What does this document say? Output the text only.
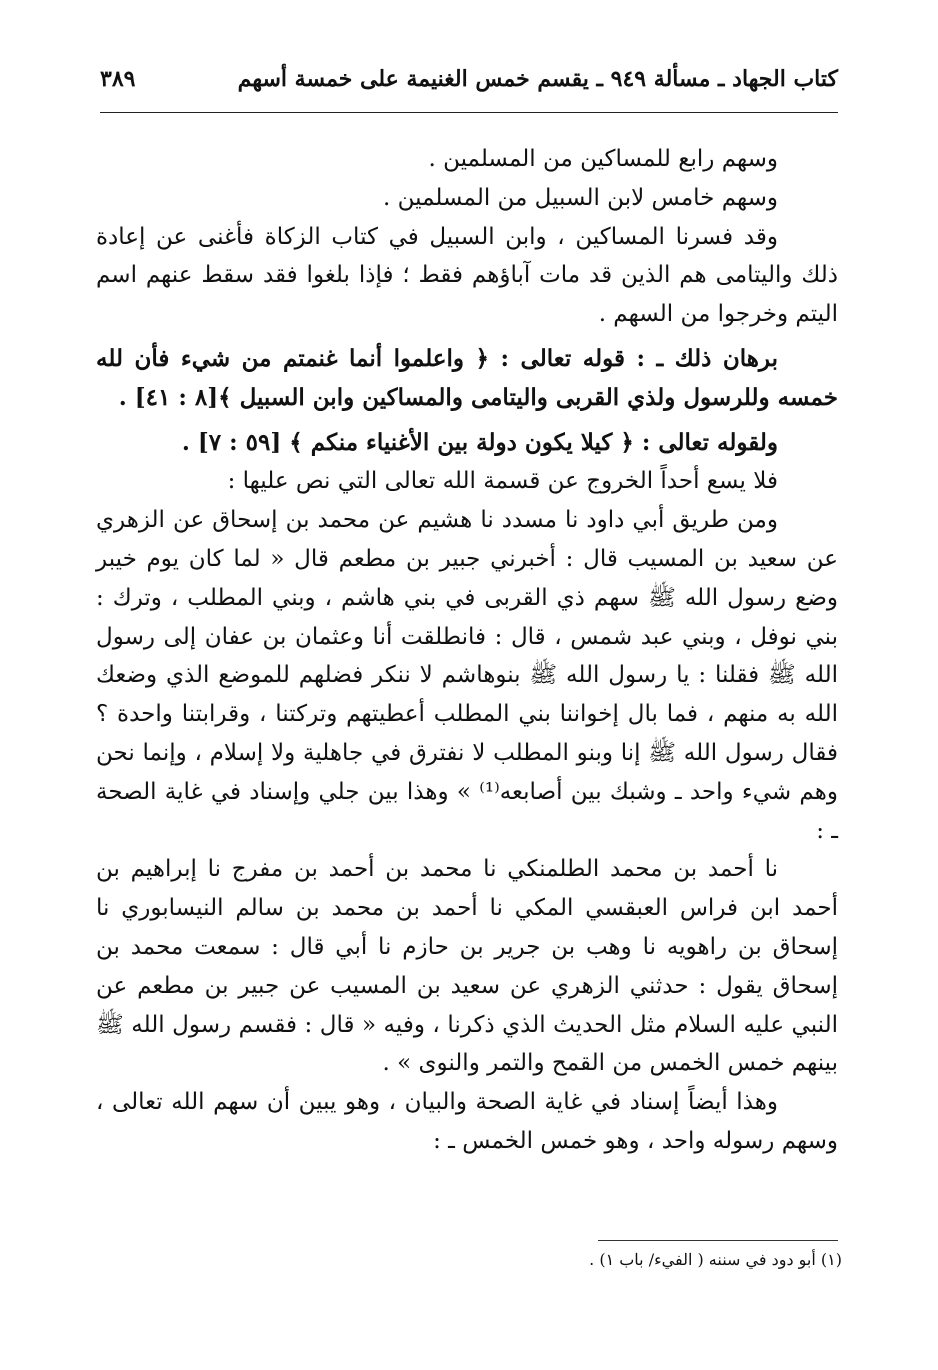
كتاب الجهاد ـ مسألة ٩٤٩ ـ يقسم خمس الغنيمة على خمسة أسهم
٣٨٩

وسهم رابع للمساكين من المسلمين .

وسهم خامس لابن السبيل من المسلمين .

وقد فسرنا المساكين ، وابن السبيل في كتاب الزكاة فأغنى عن إعادة ذلك واليتامى هم الذين قد مات آباؤهم فقط ؛ فإذا بلغوا فقد سقط عنهم اسم اليتم وخرجوا من السهم .

برهان ذلك ـ : قوله تعالى : ﴿ واعلموا أنما غنمتم من شيء فأن لله خمسه وللرسول ولذي القربى واليتامى والمساكين وابن السبيل ﴾[٨ : ٤١] .

ولقوله تعالى : ﴿ كيلا يكون دولة بين الأغنياء منكم ﴾ [٥٩ : ٧] .

فلا يسع أحداً الخروج عن قسمة الله تعالى التي نص عليها :

ومن طريق أبي داود نا مسدد نا هشيم عن محمد بن إسحاق عن الزهري عن سعيد بن المسيب قال : أخبرني جبير بن مطعم قال « لما كان يوم خيبر وضع رسول الله ﷺ سهم ذي القربى في بني هاشم ، وبني المطلب ، وترك : بني نوفل ، وبني عبد شمس ، قال : فانطلقت أنا وعثمان بن عفان إلى رسول الله ﷺ فقلنا : يا رسول الله ﷺ بنوهاشم لا ننكر فضلهم للموضع الذي وضعك الله به منهم ، فما بال إخواننا بني المطلب أعطيتهم وتركتنا ، وقرابتنا واحدة ؟ فقال رسول الله ﷺ إنا وبنو المطلب لا نفترق في جاهلية ولا إسلام ، وإنما نحن وهم شيء واحد ـ وشبك بين أصابعه⁽¹⁾ » وهذا بين جلي وإسناد في غاية الصحة ـ :

نا أحمد بن محمد الطلمنكي نا محمد بن أحمد بن مفرج نا إبراهيم بن أحمد ابن فراس العبقسي المكي نا أحمد بن محمد بن سالم النيسابوري نا إسحاق بن راهويه نا وهب بن جرير بن حازم نا أبي قال : سمعت محمد بن إسحاق يقول : حدثني الزهري عن سعيد بن المسيب عن جبير بن مطعم عن النبي عليه السلام مثل الحديث الذي ذكرنا ، وفيه « قال : فقسم رسول الله ﷺ بينهم خمس الخمس من القمح والتمر والنوى » .

وهذا أيضاً إسناد في غاية الصحة والبيان ، وهو يبين أن سهم الله تعالى ، وسهم رسوله واحد ، وهو خمس الخمس ـ :

(١) أبو دود في سننه ( الفيء/ باب ١) .
